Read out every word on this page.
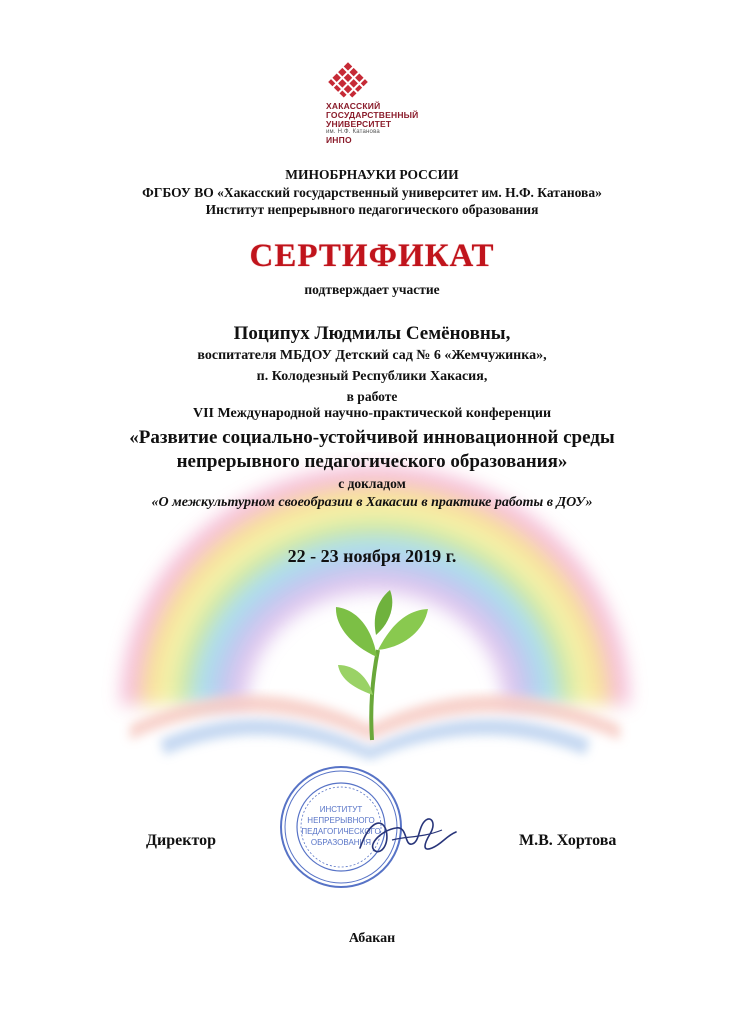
ХАКАССКИЙ
ГОСУДАРСТВЕННЫЙ
УНИВЕРСИТЕТ
им. Н.Ф. Катанова
ИНПО
МИНОБРНАУКИ РОССИИ
ФГБОУ ВО «Хакасский государственный университет им. Н.Ф. Катанова»
Институт непрерывного педагогического образования
СЕРТИФИКАТ
подтверждает участие
Поципух Людмилы Семёновны,
воспитателя МБДОУ Детский сад № 6 «Жемчужинка»,
п. Колодезный Республики Хакасия,
в работе
VII Международной научно-практической конференции
«Развитие социально-устойчивой инновационной среды
непрерывного педагогического образования»
с докладом
«О межкультурном своеобразии в Хакасии в практике работы в ДОУ»
22 - 23 ноября 2019 г.
ИНСТИТУТ
НЕПРЕРЫВНОГО
ПЕДАГОГИЧЕСКОГО
ОБРАЗОВАНИЯ
Директор	М.В. Хортова
Абакан
